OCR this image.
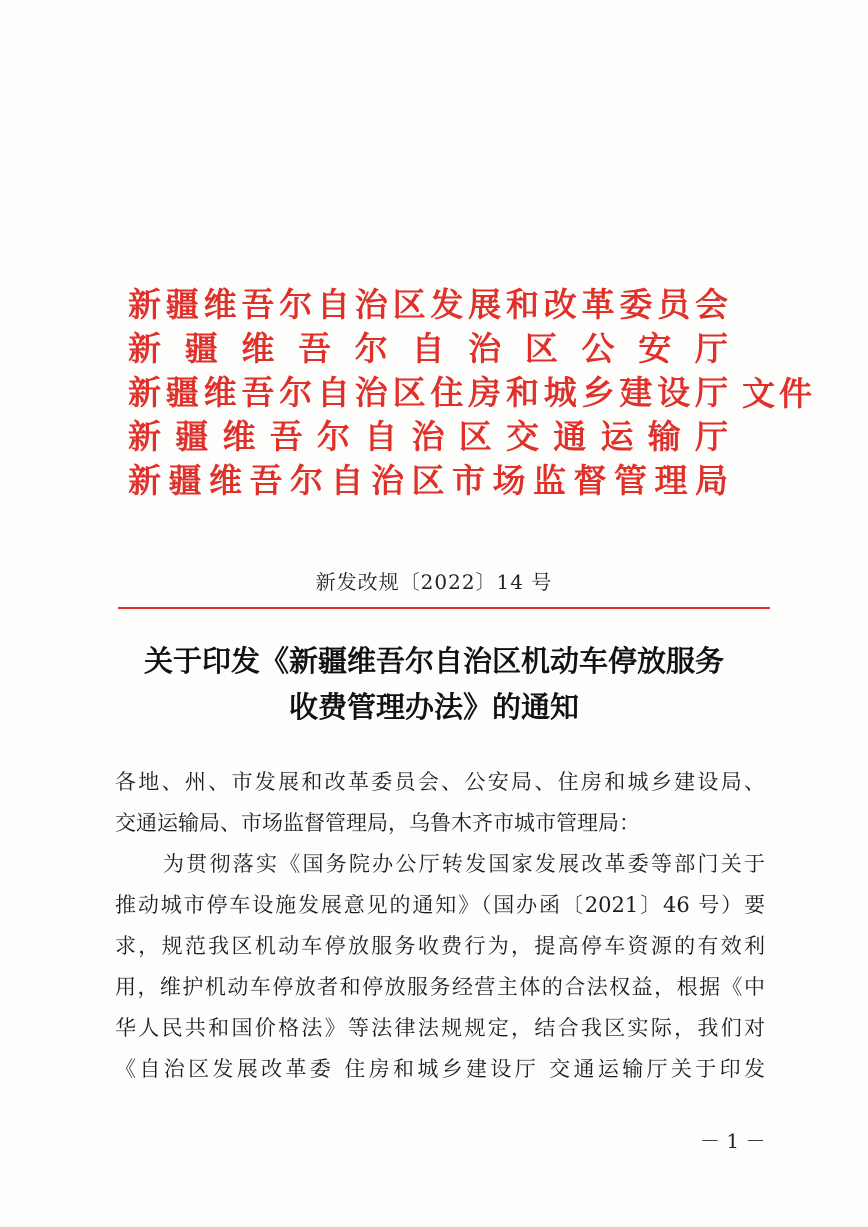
新 疆 维 吾 尔 自 治 区 发 展 和 改 革 委 员 会
新 疆 维 吾 尔 自 治 区 公 安 厅
新 疆 维 吾 尔 自 治 区 住 房 和 城 乡 建 设 厅
新 疆 维 吾 尔 自 治 区 交 通 运 输 厅
新 疆 维 吾 尔 自 治 区 市 场 监 督 管 理 局
文件
新发改规〔2022〕14 号
关于印发《新疆维吾尔自治区机动车停放服务
收费管理办法》的通知
各地、州、市发展和改革委员会、公安局、住房和城乡建设局、
交通运输局、市场监督管理局，乌鲁木齐市城市管理局：
为贯彻落实《国务院办公厅转发国家发展改革委等部门关于
推动城市停车设施发展意见的通知》（国办函〔2021〕46 号）要
求，规范我区机动车停放服务收费行为，提高停车资源的有效利
用，维护机动车停放者和停放服务经营主体的合法权益，根据《中
华人民共和国价格法》等法律法规规定，结合我区实际，我们对
《自治区发展改革委 住房和城乡建设厅 交通运输厅关于印发
－ 1 －
